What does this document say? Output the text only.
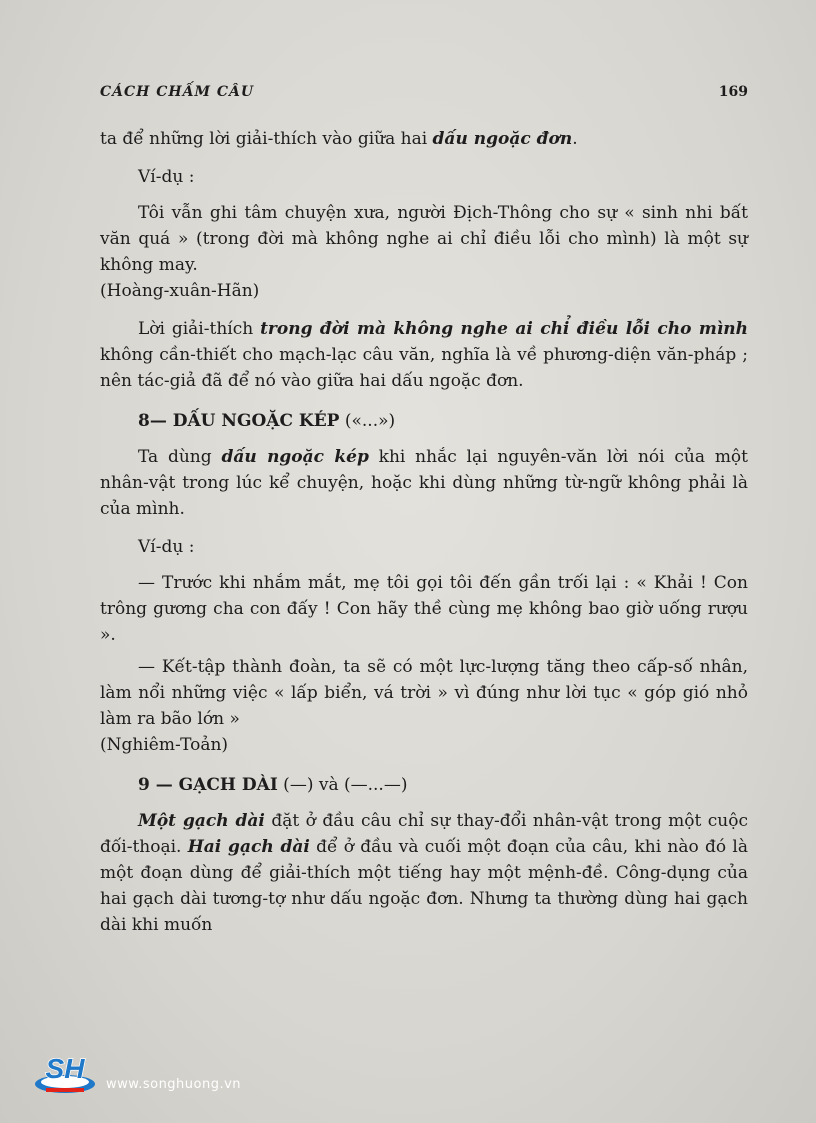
CÁCH CHẤM CÂU	169

ta để những lời giải-thích vào giữa hai dấu ngoặc đơn.

Ví-dụ :

Tôi vẫn ghi tâm chuyện xưa, người Địch-Thông cho sự « sinh nhi bất văn quá » (trong đời mà không nghe ai chỉ điều lỗi cho mình) là một sự không may.

(Hoàng-xuân-Hãn)

Lời giải-thích trong đời mà không nghe ai chỉ điều lỗi cho mình không cần-thiết cho mạch-lạc câu văn, nghĩa là về phương-diện văn-pháp ; nên tác-giả đã để nó vào giữa hai dấu ngoặc đơn.

8— DẤU NGOẶC KÉP («...»)

Ta dùng dấu ngoặc kép khi nhắc lại nguyên-văn lời nói của một nhân-vật trong lúc kể chuyện, hoặc khi dùng những từ-ngữ không phải là của mình.

Ví-dụ :

— Trước khi nhắm mắt, mẹ tôi gọi tôi đến gần trối lại : « Khải ! Con trông gương cha con đấy ! Con hãy thề cùng mẹ không bao giờ uống rượu ».

— Kết-tập thành đoàn, ta sẽ có một lực-lượng tăng theo cấp-số nhân, làm nổi những việc « lấp biển, vá trời » vì đúng như lời tục « góp gió nhỏ làm ra bão lớn »

(Nghiêm-Toản)

9 — GẠCH DÀI (—) và (—...—)

Một gạch dài đặt ở đầu câu chỉ sự thay-đổi nhân-vật trong một cuộc đối-thoại. Hai gạch dài để ở đầu và cuối một đoạn của câu, khi nào đó là một đoạn dùng để giải-thích một tiếng hay một mệnh-đề. Công-dụng của hai gạch dài tương-tợ như dấu ngoặc đơn. Nhưng ta thường dùng hai gạch dài khi muốn

SH
www.songhuong.vn
